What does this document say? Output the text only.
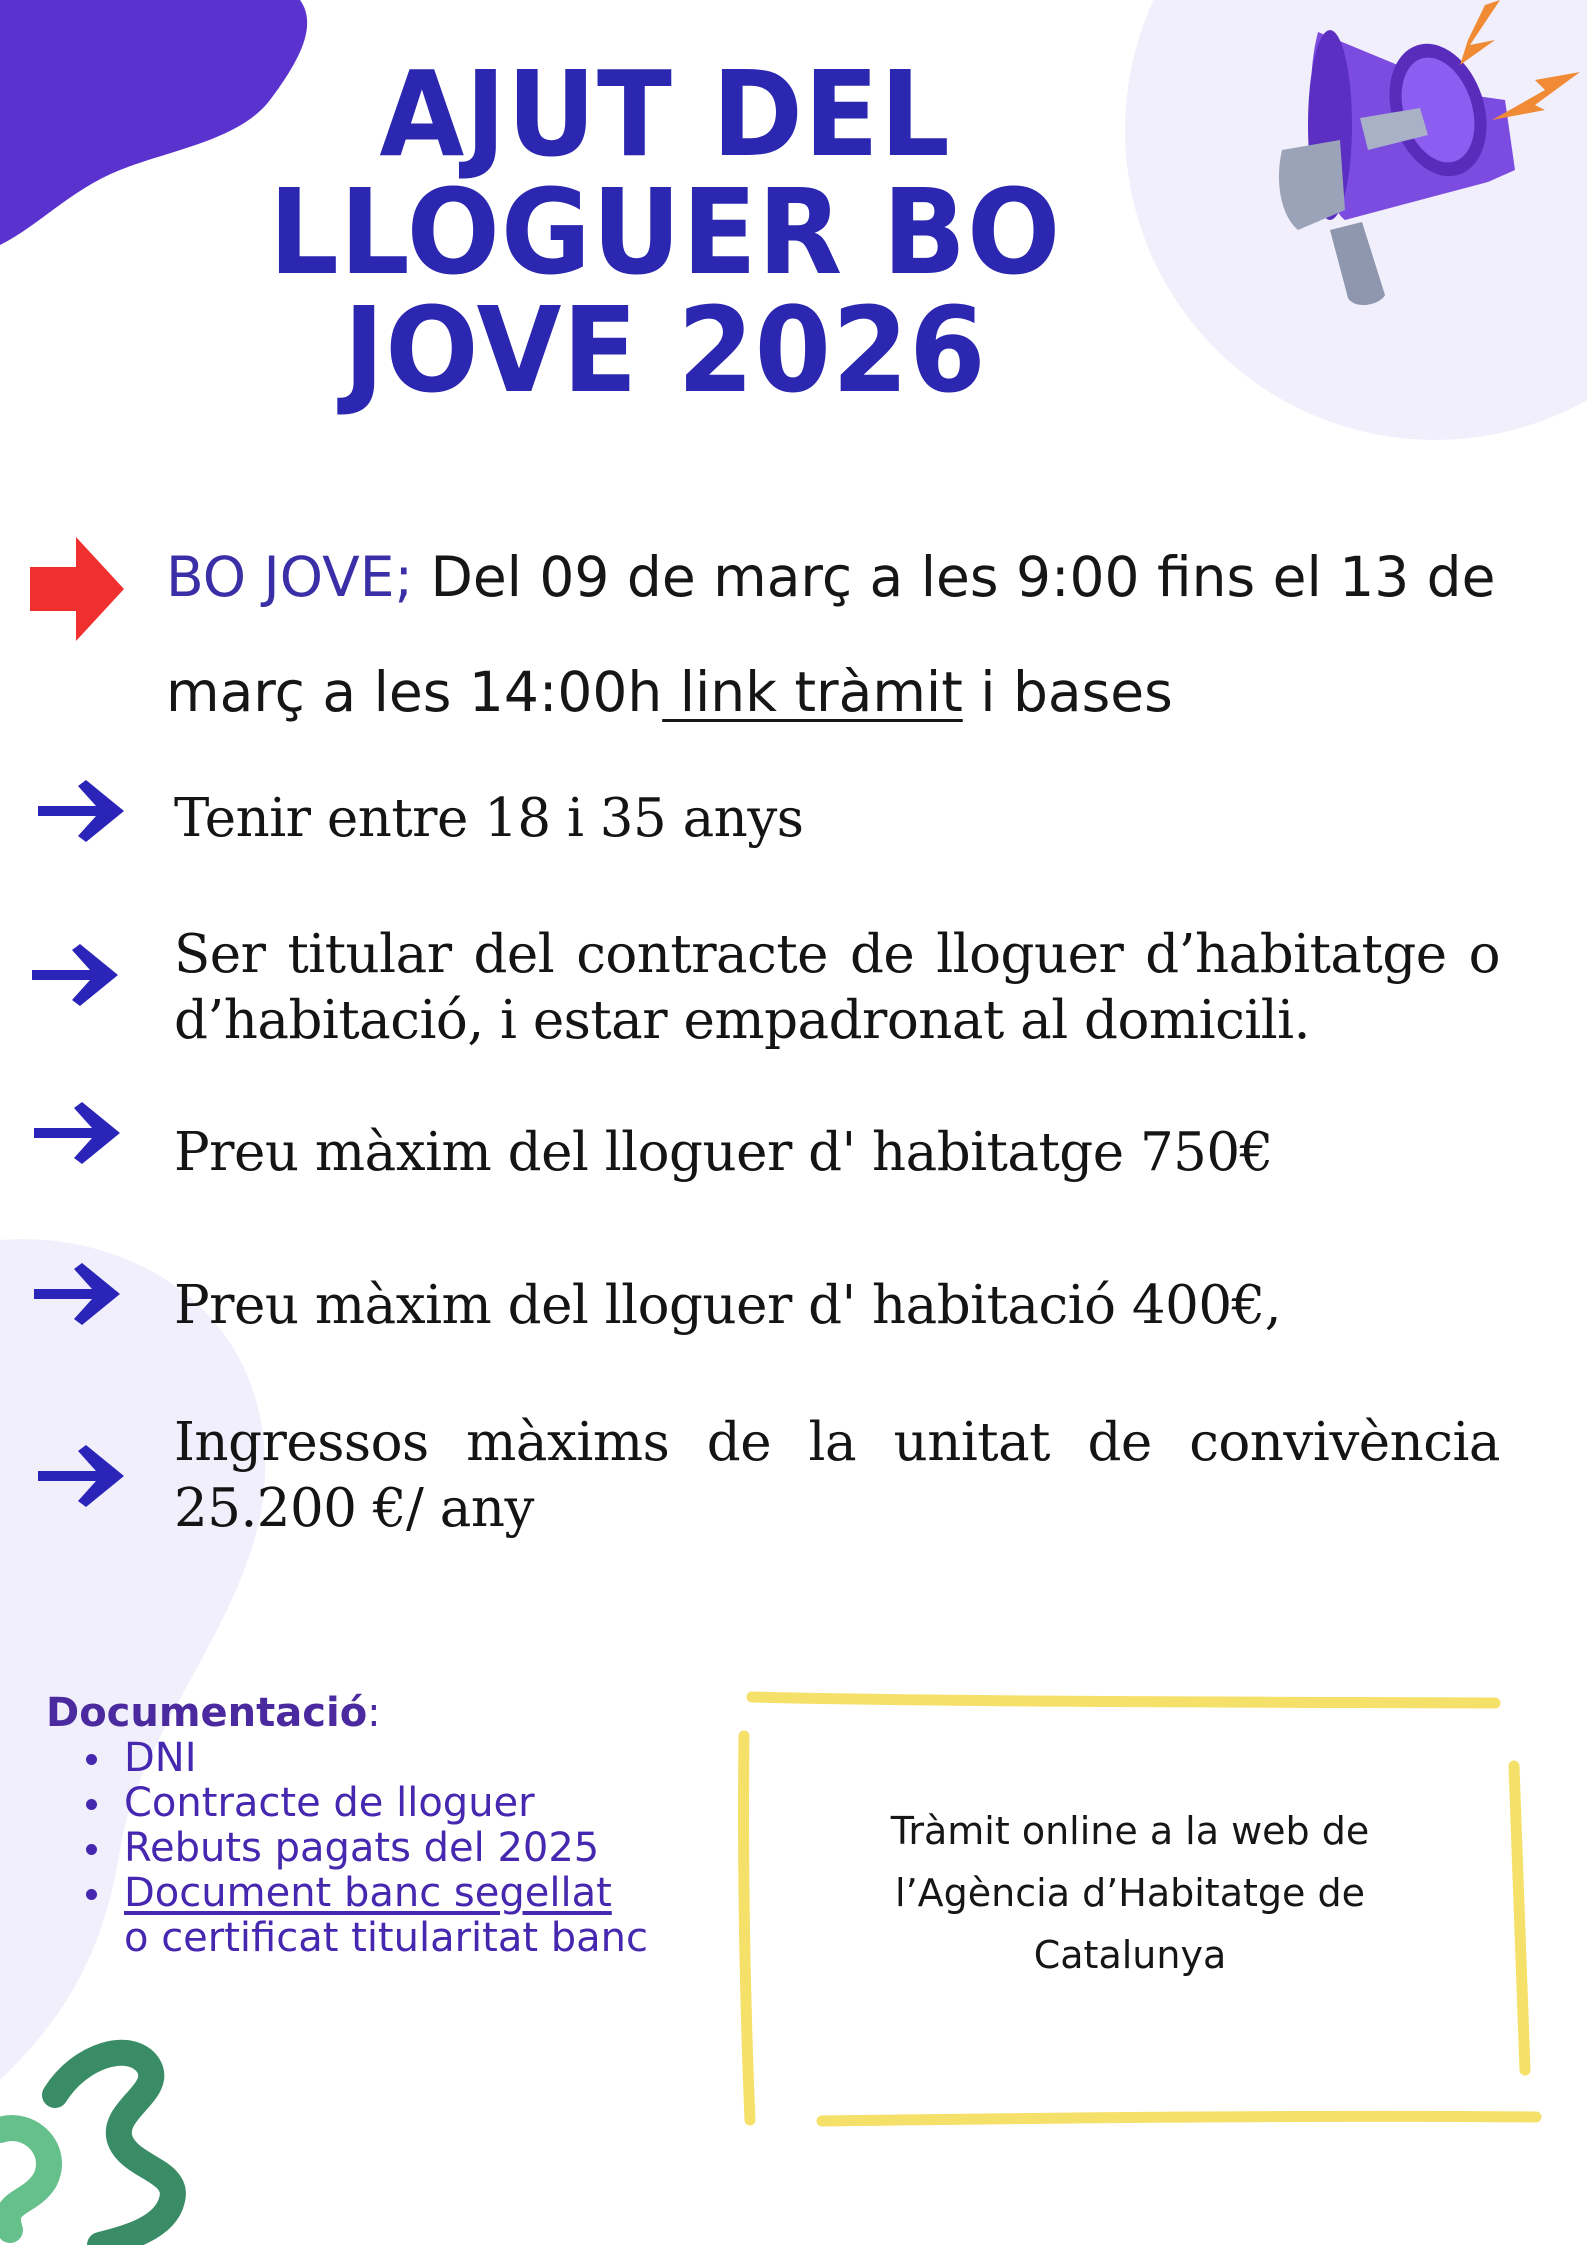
AJUT DEL
LLOGUER BO
JOVE 2026
BO JOVE; Del 09 de març a les 9:00 fins el 13 de març a les 14:00h link tràmit i bases
Tenir entre 18 i 35 anys
Ser titular del contracte de lloguer d’habitatge o d’habitació, i estar empadronat al domicili.
Preu màxim del lloguer d' habitatge 750€
Preu màxim del lloguer d' habitació 400€,
Ingressos màxims de la unitat de convivència 25.200 €/ any
Documentació:
DNI
Contracte de lloguer
Rebuts pagats del 2025
Document banc segellat
o certificat titularitat banc
Tràmit online a la web de
l’Agència d’Habitatge de
Catalunya
